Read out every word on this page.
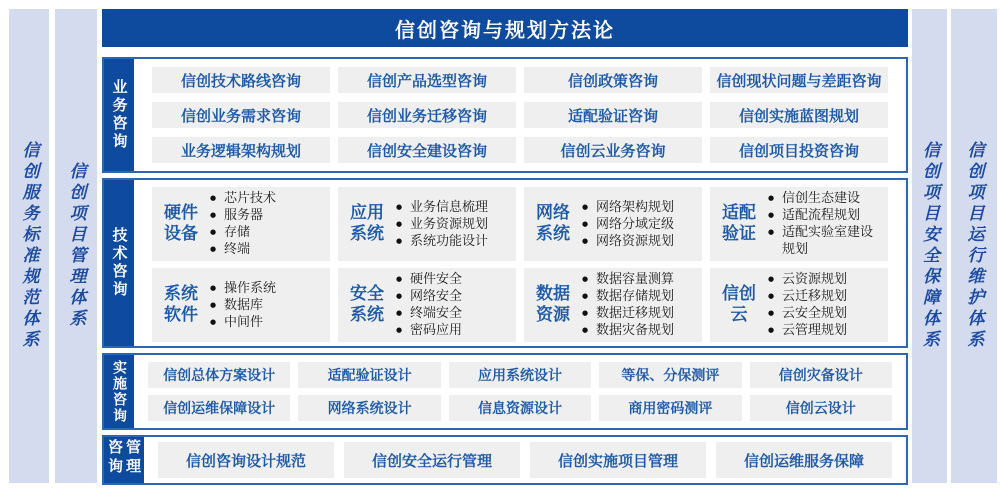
信创服务标准规范体系 信创项目管理体系
信创咨询与规划方法论
业务咨询	信创技术路线咨询	信创产品选型咨询	信创政策咨询	信创现状问题与差距咨询
信创业务需求咨询	信创业务迁移咨询	适配验证咨询	信创实施蓝图规划
业务逻辑架构规划	信创安全建设咨询	信创云业务咨询	信创项目投资咨询
技术咨询
硬件设备
● 芯片技术
● 服务器
● 存储
● 终端
应用系统
● 业务信息梳理
● 业务资源规划
● 系统功能设计
网络系统
● 网络架构规划
● 网络分域定级
● 网络资源规划
适配验证
● 信创生态建设
● 适配流程规划
● 适配实验室建设规划
系统软件
● 操作系统
● 数据库
● 中间件
安全系统
● 硬件安全
● 网络安全
● 终端安全
● 密码应用
数据资源
● 数据容量测算
● 数据存储规划
● 数据迁移规划
● 数据灾备规划
信创云
● 云资源规划
● 云迁移规划
● 云安全规划
● 云管理规划
实施咨询	信创总体方案设计	适配验证设计	应用系统设计	等保、分保测评	信创灾备设计
信创运维保障设计	网络系统设计	信息资源设计	商用密码测评	信创云设计
咨询管理	信创咨询设计规范	信创安全运行管理	信创实施项目管理	信创运维服务保障
信创项目安全保障体系 信创项目运行维护体系
